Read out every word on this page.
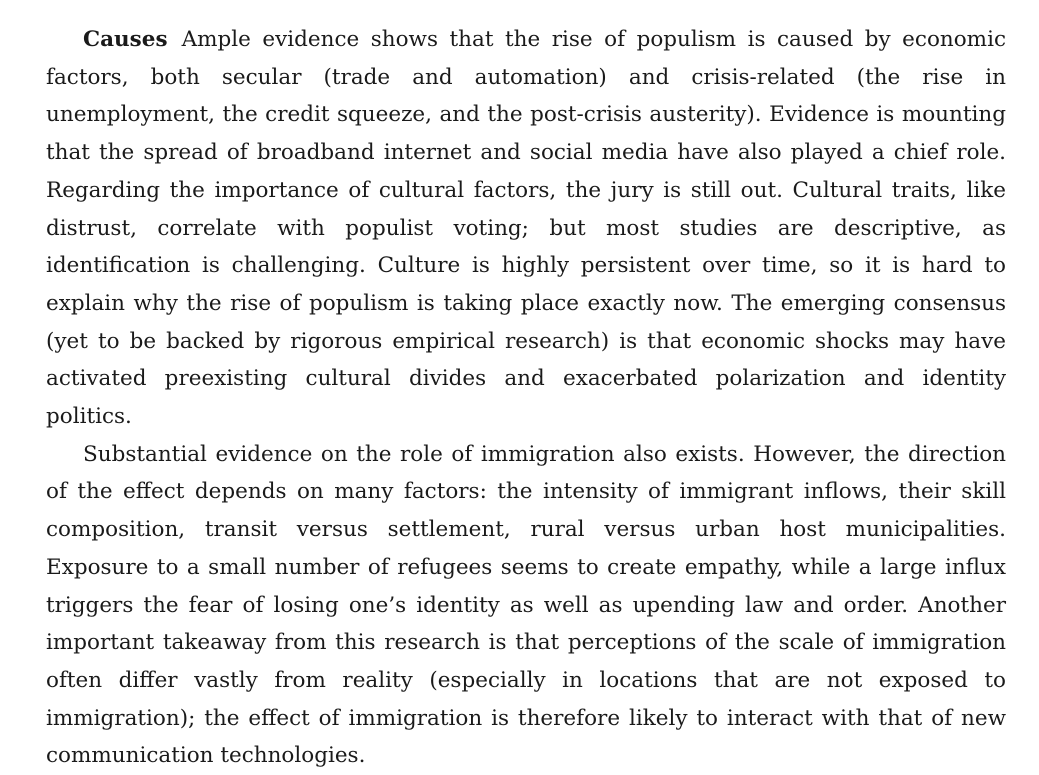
Causes Ample evidence shows that the rise of populism is caused by economic factors, both secular (trade and automation) and crisis-related (the rise in unemployment, the credit squeeze, and the post-crisis austerity). Evidence is mounting that the spread of broadband internet and social media have also played a chief role. Regarding the importance of cultural factors, the jury is still out. Cultural traits, like distrust, correlate with populist voting; but most studies are descriptive, as identification is challenging. Culture is highly persistent over time, so it is hard to explain why the rise of populism is taking place exactly now. The emerging consensus (yet to be backed by rigorous empirical research) is that economic shocks may have activated preexisting cultural divides and exacerbated polarization and identity politics.

Substantial evidence on the role of immigration also exists. However, the direction of the effect depends on many factors: the intensity of immigrant inflows, their skill composition, transit versus settlement, rural versus urban host municipalities. Exposure to a small number of refugees seems to create empathy, while a large influx triggers the fear of losing one’s identity as well as upending law and order. Another important takeaway from this research is that perceptions of the scale of immigration often differ vastly from reality (especially in locations that are not exposed to immigration); the effect of immigration is therefore likely to interact with that of new communication technologies.
